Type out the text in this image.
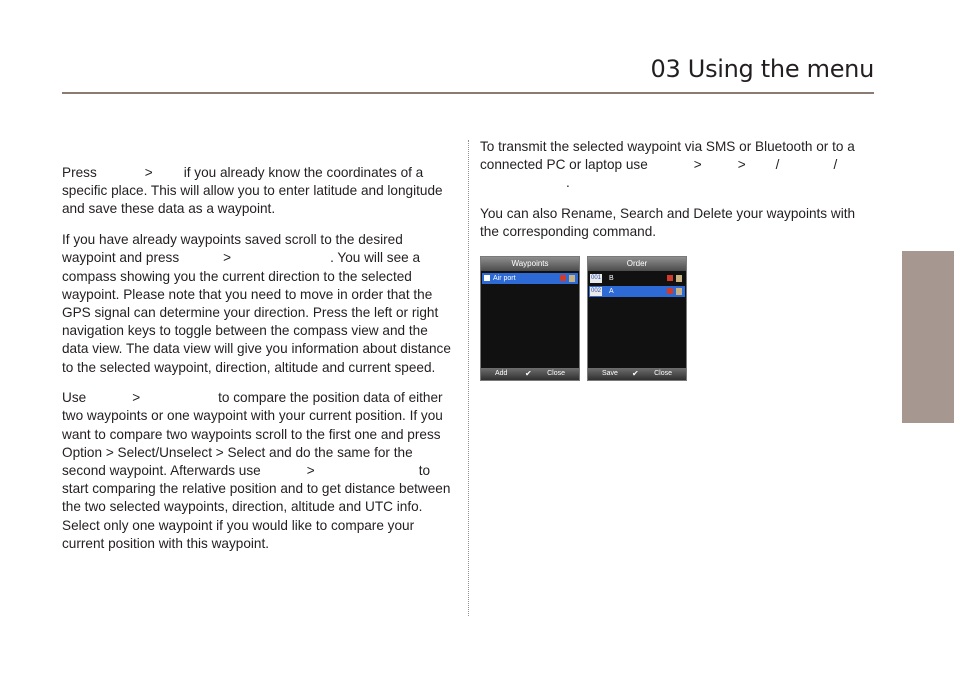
03 Using the menu

Press	> if you already know the coordinates of a specific place. This will allow you to enter latitude and longitude and save these data as a waypoint.

If you have already waypoints saved scroll to the desired waypoint and press	>	. You will see a compass showing you the current direction to the selected waypoint. Please note that you need to move in order that the GPS signal can determine your direction. Press the left or right navigation keys to toggle between the compass view and the data view. The data view will give you information about distance to the selected waypoint, direction, altitude and current speed.

Use	>	to compare the position data of either two waypoints or one waypoint with your current position. If you want to compare two waypoints scroll to the first one and press Option > Select/Unselect > Select and do the same for the second waypoint. Afterwards use	>	to start comparing the relative position and to get distance between the two selected waypoints, direction, altitude and UTC info. Select only one waypoint if you would like to compare your current position with this waypoint.

To transmit the selected waypoint via SMS or Bluetooth or to a connected PC or laptop use	>	> /	/
.

You can also Rename, Search and Delete your waypoints with the corresponding command.

Waypoints
Air port
Add ✔ Close
Order
001 B
002 A
Save ✔ Close
